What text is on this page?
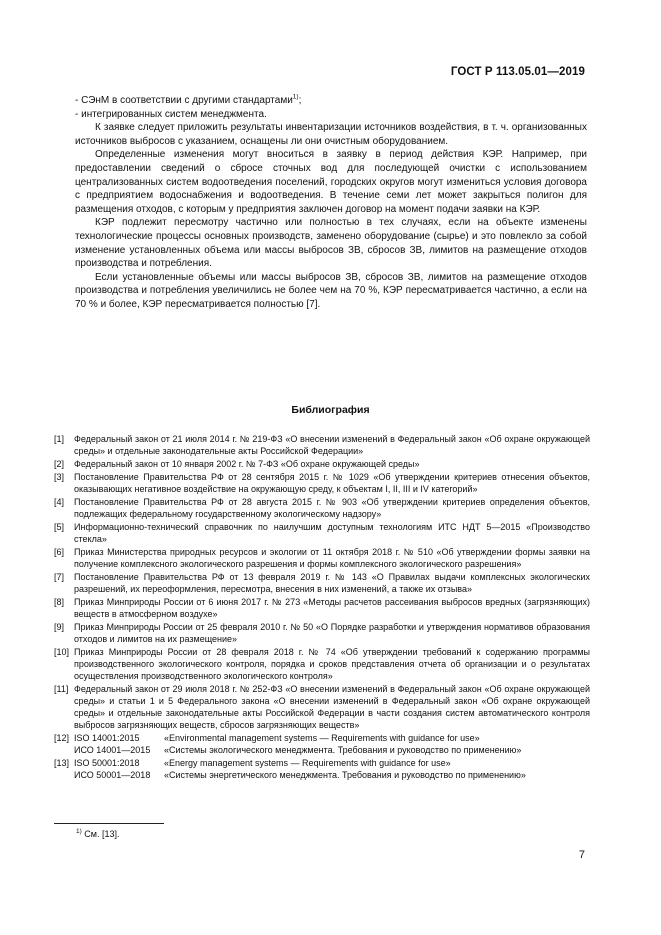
ГОСТ Р 113.05.01—2019
- СЭнМ в соответствии с другими стандартами$^{1)}$;
- интегрированных систем менеджмента.
К заявке следует приложить результаты инвентаризации источников воздействия, в т. ч. организованных источников выбросов с указанием, оснащены ли они очистным оборудованием.
Определенные изменения могут вноситься в заявку в период действия КЭР. Например, при предоставлении сведений о сбросе сточных вод для последующей очистки с использованием централизованных систем водоотведения поселений, городских округов могут измениться условия договора с предприятием водоснабжения и водоотведения. В течение семи лет может закрыться полигон для размещения отходов, с которым у предприятия заключен договор на момент подачи заявки на КЭР.
КЭР подлежит пересмотру частично или полностью в тех случаях, если на объекте изменены технологические процессы основных производств, заменено оборудование (сырье) и это повлекло за собой изменение установленных объема или массы выбросов ЗВ, сбросов ЗВ, лимитов на размещение отходов производства и потребления.
Если установленные объемы или массы выбросов ЗВ, сбросов ЗВ, лимитов на размещение отходов производства и потребления увеличились не более чем на 70 %, КЭР пересматривается частично, а если на 70 % и более, КЭР пересматривается полностью [7].
Библиография
[1]	Федеральный закон от 21 июля 2014 г. № 219-ФЗ «О внесении изменений в Федеральный закон «Об охране окружающей среды» и отдельные законодательные акты Российской Федерации»
[2]	Федеральный закон от 10 января 2002 г. № 7-ФЗ «Об охране окружающей среды»
[3]	Постановление Правительства РФ от 28 сентября 2015 г. № 1029 «Об утверждении критериев отнесения объектов, оказывающих негативное воздействие на окружающую среду, к объектам I, II, III и IV категорий»
[4]	Постановление Правительства РФ от 28 августа 2015 г. № 903 «Об утверждении критериев определения объектов, подлежащих федеральному государственному экологическому надзору»
[5]	Информационно-технический справочник по наилучшим доступным технологиям ИТС НДТ 5—2015 «Производство стекла»
[6]	Приказ Министерства природных ресурсов и экологии от 11 октября 2018 г. № 510 «Об утверждении формы заявки на получение комплексного экологического разрешения и формы комплексного экологического разрешения»
[7]	Постановление Правительства РФ от 13 февраля 2019 г. № 143 «О Правилах выдачи комплексных экологических разрешений, их переоформления, пересмотра, внесения в них изменений, а также их отзыва»
[8]	Приказ Минприроды России от 6 июня 2017 г. № 273 «Методы расчетов рассеивания выбросов вредных (загрязняющих) веществ в атмосферном воздухе»
[9]	Приказ Минприроды России от 25 февраля 2010 г. № 50 «О Порядке разработки и утверждения нормативов образования отходов и лимитов на их размещение»
[10] Приказ Минприроды России от 28 февраля 2018 г. № 74 «Об утверждении требований к содержанию программы производственного экологического контроля, порядка и сроков представления отчета об организации и о результатах осуществления производственного экологического контроля»
[11] Федеральный закон от 29 июля 2018 г. № 252-ФЗ «О внесении изменений в Федеральный закон «Об охране окружающей среды» и статьи 1 и 5 Федерального закона «О внесении изменений в Федеральный закон «Об охране окружающей среды» и отдельные законодательные акты Российской Федерации в части создания систем автоматического контроля выбросов загрязняющих веществ, сбросов загрязняющих веществ»
[12] ISO 14001:2015	«Environmental management systems — Requirements with guidance for use»
ИСО 14001—2015	«Системы экологического менеджмента. Требования и руководство по применению»
[13] ISO 50001:2018	«Energy management systems — Requirements with guidance for use»
ИСО 50001—2018	«Системы энергетического менеджмента. Требования и руководство по применению»
$^{1)}$ См. [13].
7
